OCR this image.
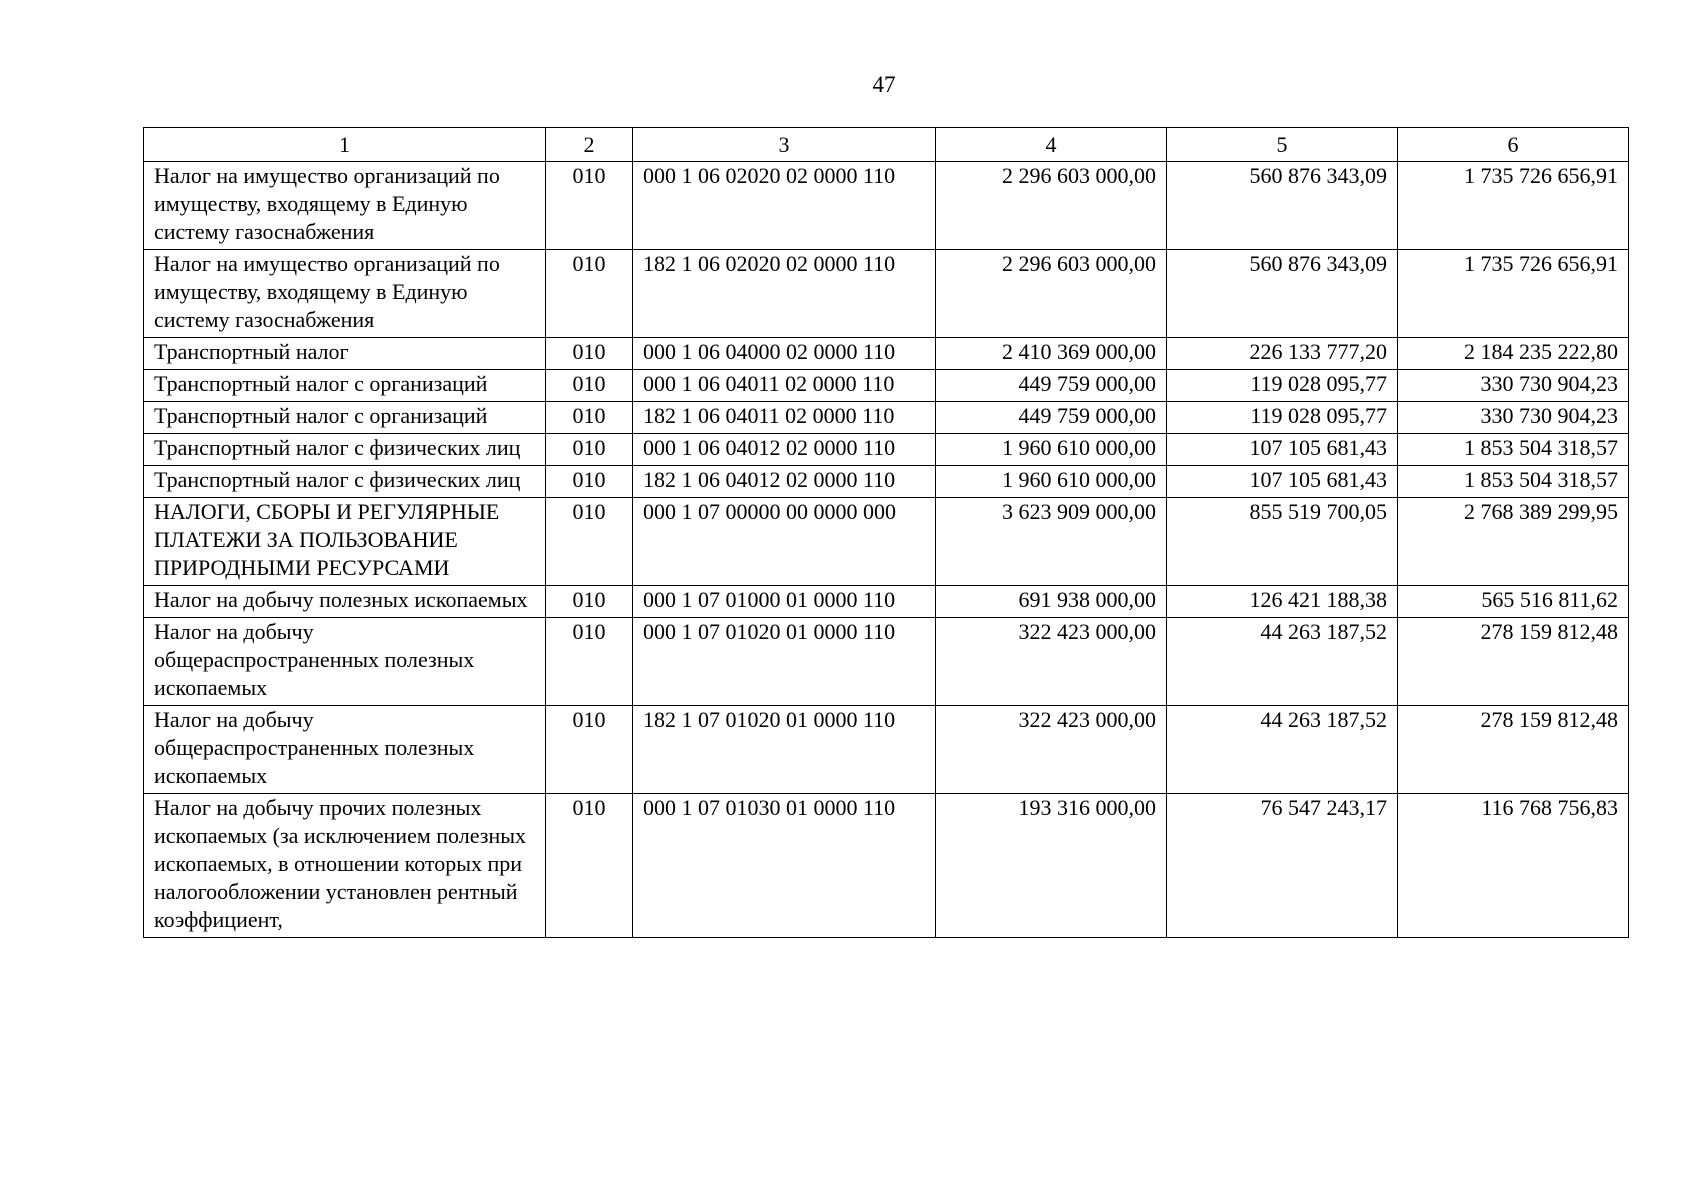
47
1	2	3	4	5	6
Налог на имущество организаций по имуществу, входящему в Единую систему газоснабжения	010	000 1 06 02020 02 0000 110	2 296 603 000,00	560 876 343,09	1 735 726 656,91
Налог на имущество организаций по имуществу, входящему в Единую систему газоснабжения	010	182 1 06 02020 02 0000 110	2 296 603 000,00	560 876 343,09	1 735 726 656,91
Транспортный налог	010	000 1 06 04000 02 0000 110	2 410 369 000,00	226 133 777,20	2 184 235 222,80
Транспортный налог с организаций	010	000 1 06 04011 02 0000 110	449 759 000,00	119 028 095,77	330 730 904,23
Транспортный налог с организаций	010	182 1 06 04011 02 0000 110	449 759 000,00	119 028 095,77	330 730 904,23
Транспортный налог с физических лиц	010	000 1 06 04012 02 0000 110	1 960 610 000,00	107 105 681,43	1 853 504 318,57
Транспортный налог с физических лиц	010	182 1 06 04012 02 0000 110	1 960 610 000,00	107 105 681,43	1 853 504 318,57
НАЛОГИ, СБОРЫ И РЕГУЛЯРНЫЕ ПЛАТЕЖИ ЗА ПОЛЬЗОВАНИЕ ПРИРОДНЫМИ РЕСУРСАМИ	010	000 1 07 00000 00 0000 000	3 623 909 000,00	855 519 700,05	2 768 389 299,95
Налог на добычу полезных ископаемых	010	000 1 07 01000 01 0000 110	691 938 000,00	126 421 188,38	565 516 811,62
Налог на добычу общераспространенных полезных ископаемых	010	000 1 07 01020 01 0000 110	322 423 000,00	44 263 187,52	278 159 812,48
Налог на добычу общераспространенных полезных ископаемых	010	182 1 07 01020 01 0000 110	322 423 000,00	44 263 187,52	278 159 812,48
Налог на добычу прочих полезных ископаемых (за исключением полезных ископаемых, в отношении которых при налогообложении установлен рентный коэффициент,	010	000 1 07 01030 01 0000 110	193 316 000,00	76 547 243,17	116 768 756,83
